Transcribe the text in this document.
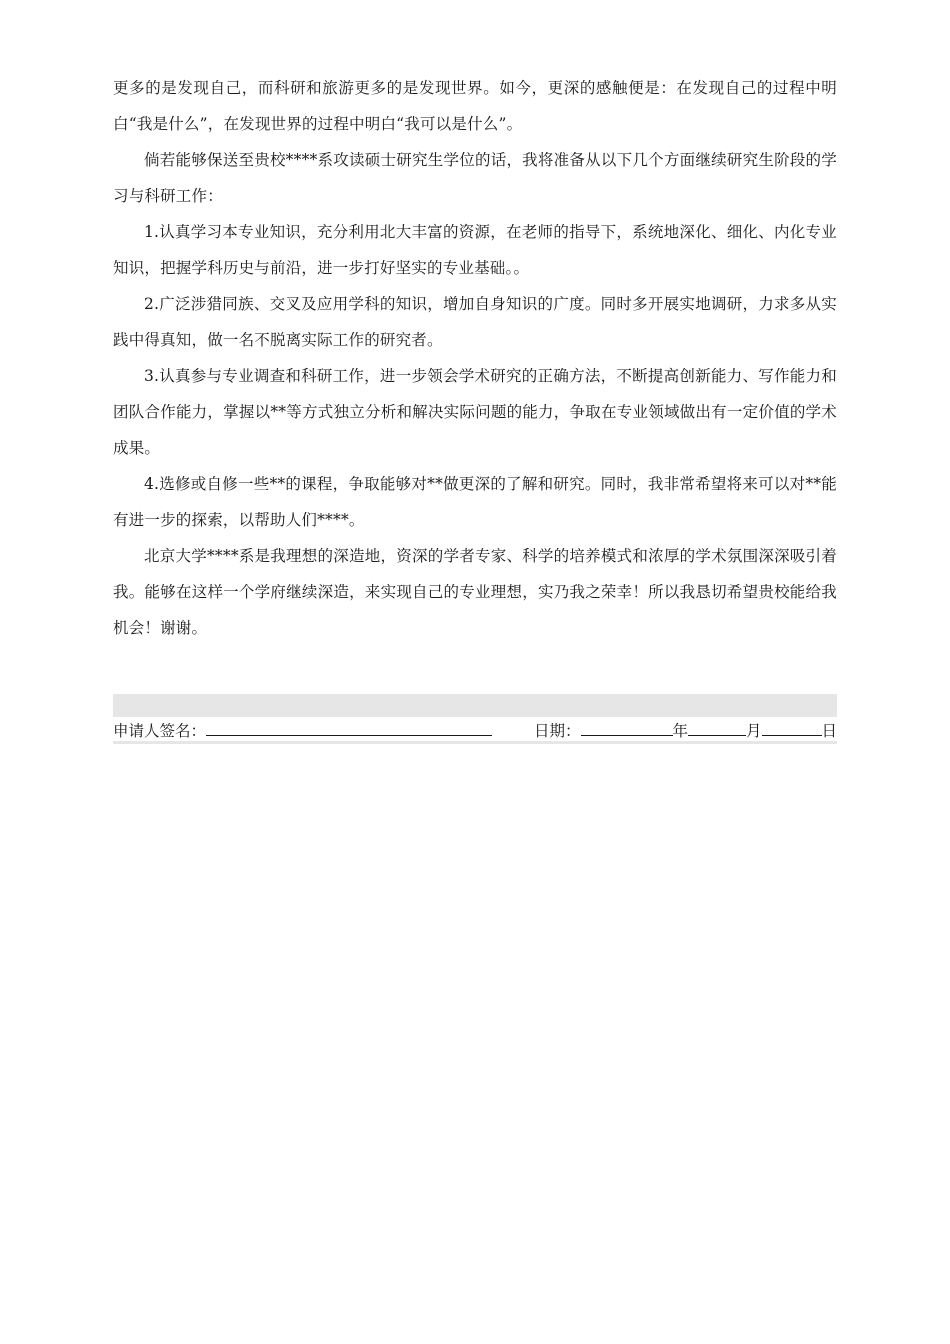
更多的是发现自己，而科研和旅游更多的是发现世界。如今，更深的感触便是：在发现自己的过程中明白“我是什么”，在发现世界的过程中明白“我可以是什么”。

倘若能够保送至贵校****系攻读硕士研究生学位的话，我将准备从以下几个方面继续研究生阶段的学习与科研工作：

1.认真学习本专业知识，充分利用北大丰富的资源，在老师的指导下，系统地深化、细化、内化专业知识，把握学科历史与前沿，进一步打好坚实的专业基础。。

2.广泛涉猎同族、交叉及应用学科的知识，增加自身知识的广度。同时多开展实地调研，力求多从实践中得真知，做一名不脱离实际工作的研究者。

3.认真参与专业调查和科研工作，进一步领会学术研究的正确方法，不断提高创新能力、写作能力和团队合作能力，掌握以**等方式独立分析和解决实际问题的能力，争取在专业领域做出有一定价值的学术成果。

4.选修或自修一些**的课程，争取能够对**做更深的了解和研究。同时，我非常希望将来可以对**能有进一步的探索，以帮助人们****。

北京大学****系是我理想的深造地，资深的学者专家、科学的培养模式和浓厚的学术氛围深深吸引着我。能够在这样一个学府继续深造，来实现自己的专业理想，实乃我之荣幸！所以我恳切希望贵校能给我机会！谢谢。

申请人签名：	日期：	年	月	日
